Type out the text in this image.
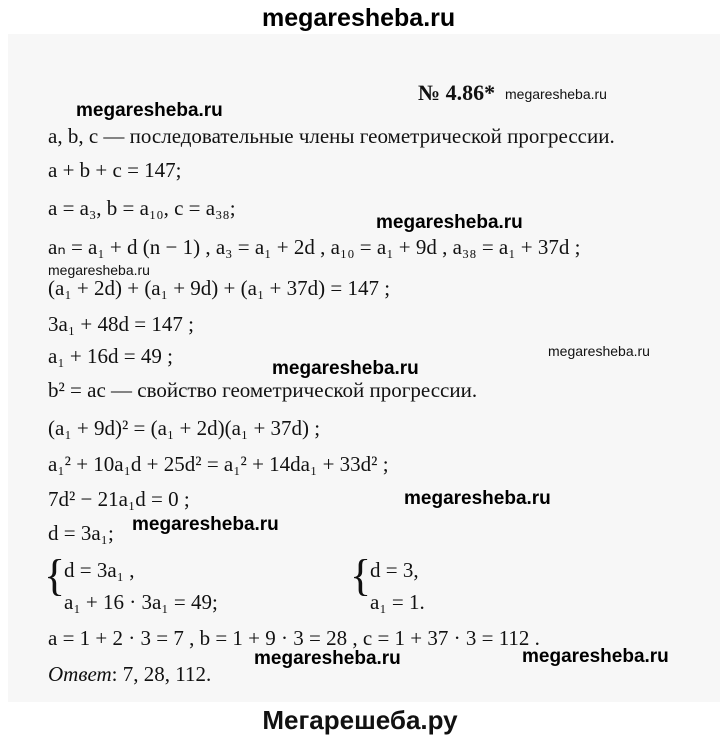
megaresheba.ru
№ 4.86* megaresheba.ru
megaresheba.ru
a, b, c — последовательные члены геометрической прогрессии.
a + b + c = 147;
a = a₃, b = a₁₀, c = a₃₈;
megaresheba.ru
aₙ = a₁ + d (n − 1) , a₃ = a₁ + 2d , a₁₀ = a₁ + 9d , a₃₈ = a₁ + 37d ;
megaresheba.ru
(a₁ + 2d) + (a₁ + 9d) + (a₁ + 37d) = 147 ;
3a₁ + 48d = 147 ;
a₁ + 16d = 49 ;	megaresheba.ru
megaresheba.ru
b² = ac — свойство геометрической прогрессии.
(a₁ + 9d)² = (a₁ + 2d)(a₁ + 37d) ;
a₁² + 10a₁d + 25d² = a₁² + 14da₁ + 33d² ;
7d² − 21a₁d = 0 ;	megaresheba.ru
d = 3a₁; megaresheba.ru
{
d = 3a₁ ,
a₁ + 16 · 3a₁ = 49;
{
d = 3,
a₁ = 1.
a = 1 + 2 · 3 = 7 , b = 1 + 9 · 3 = 28 , c = 1 + 37 · 3 = 112 .
megaresheba.ru	megaresheba.ru
Ответ: 7, 28, 112.
Мегарешеба.ру
